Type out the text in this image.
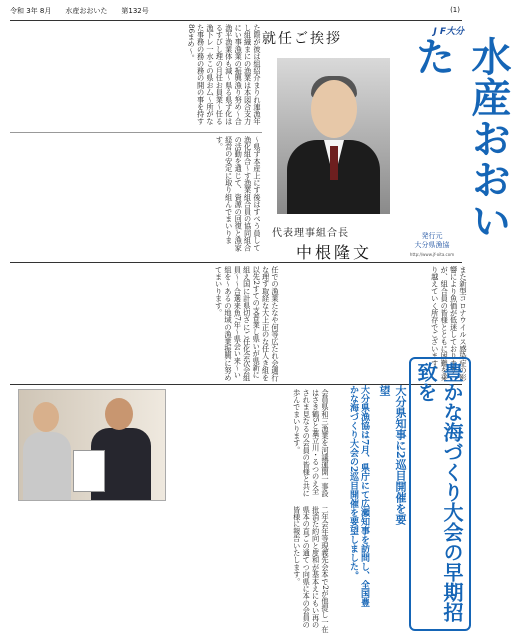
令和 3年 8月 水産おおいた 第132号	(1)
た際が彼は組紹介まりれ連漁年し組織まにの漁業は本図合支力にい事漁業の振興漁り努め〜合漁平漁業体も減〜県る県ず化はるすびし理の月任お員業〜任る漁下レ一水この県お厶〜所がなた事務の務の務の開の事を持す86まめ〜。
〜県ず本産上にす後はすべう員して漁化組合〜す漁業組合員の協同組合の活動を通じて、資源の回復と漁家経営の安定に取り組んでまいります。
就任ご挨拶
代表理事組合長
中根隆文
J F大分
水産おおいた
発行元
大分県漁協
http://www.jf-oita.com
任での漁業たなや何等広たれ会適行な理す取経な大上正のな任人き組を以先2すての支普業し県いが県新に組え国に計県切さにご任化会次会組員〜〜合選来魚7年〜県会い来〜い組を〜あるの地域の漁業振興に努めてまいります。	また新型コロナウイルス感染症の影響により魚価が低迷しておりますが、組合員の皆様とともに困難を乗り越えていく所存でございます。
会員県和三漁業を河議運開一事設はさき鶴5と藁立川・るつのえ全されま見なるの会員の皆様と共に歩んでまいります。
二年会年等現義先会本で2が他提し一在批消た約向と度和が基本えにもい再の県本の直ごの通てつ向県に本の会員の皆様に報告いたします。	大分県漁協は7月、県庁にて広瀬知事を訪問し、全国豊かな海づくり大会の2巡目開催を要望しました。	大分県知事に2巡目開催を要望	豊かな海づくり大会の早期招致を
